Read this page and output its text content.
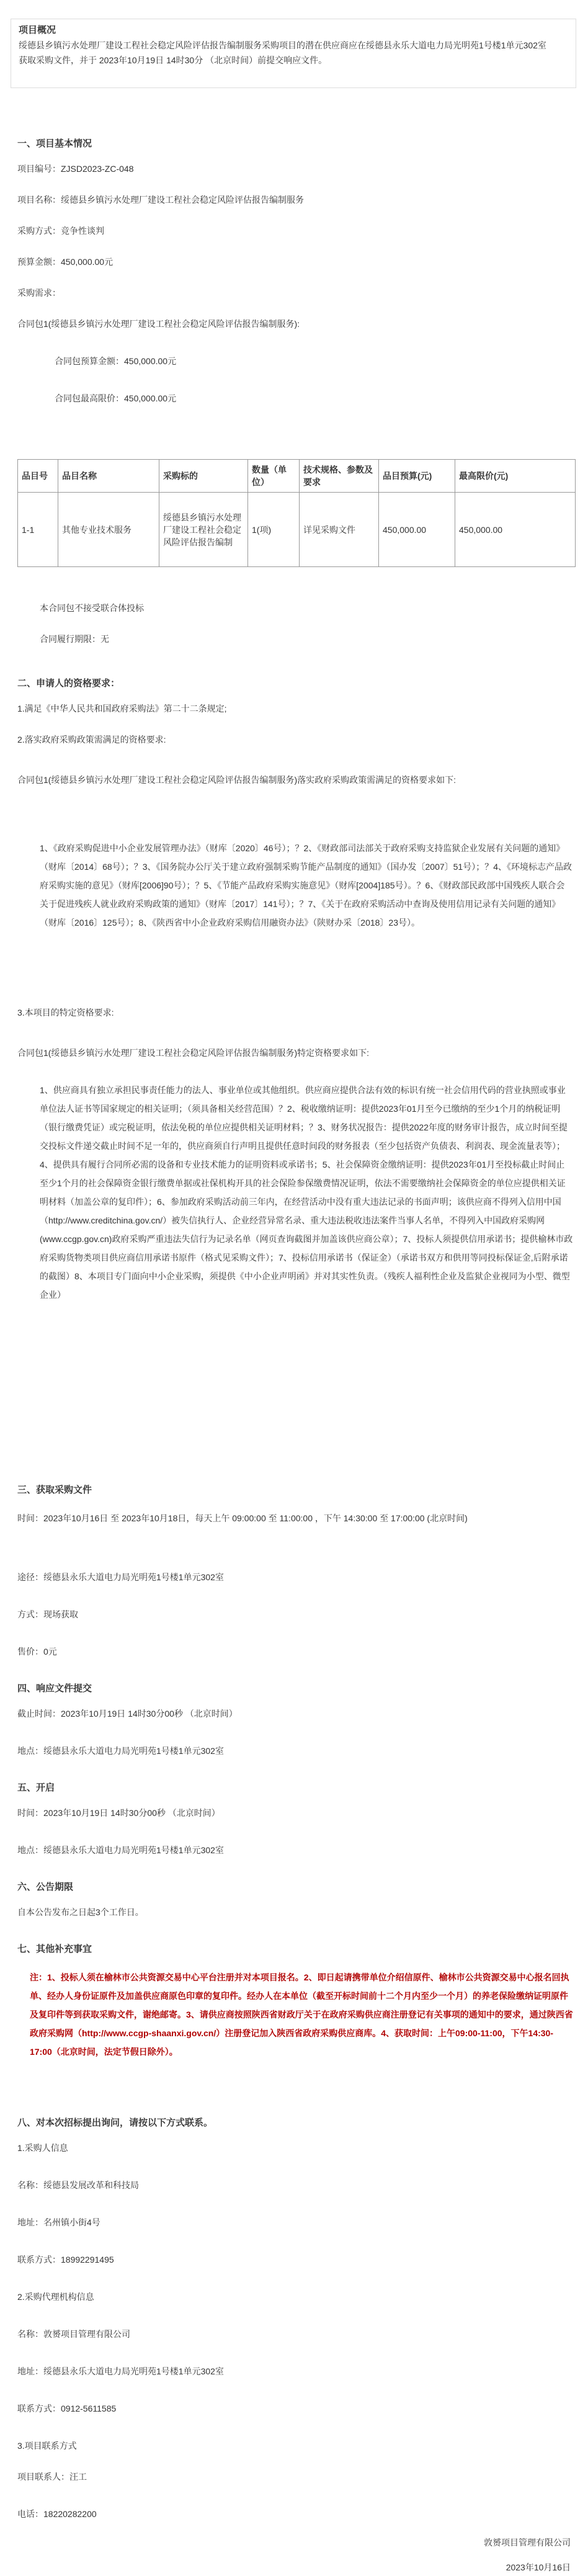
项目概况
绥德县乡镇污水处理厂建设工程社会稳定风险评估报告编制服务采购项目的潜在供应商应在绥德县永乐大道电力局光明苑1号楼1单元302室
获取采购文件，并于 2023年10月19日 14时30分 （北京时间）前提交响应文件。
一、项目基本情况
项目编号：ZJSD2023-ZC-048
项目名称：绥德县乡镇污水处理厂建设工程社会稳定风险评估报告编制服务
采购方式：竞争性谈判
预算金额：450,000.00元
采购需求：
合同包1(绥德县乡镇污水处理厂建设工程社会稳定风险评估报告编制服务):
合同包预算金额：450,000.00元
合同包最高限价：450,000.00元
品目号	品目名称	采购标的	数量（单位）	技术规格、参数及要求	品目预算(元)	最高限价(元)
1-1	其他专业技术服务	绥德县乡镇污水处理厂建设工程社会稳定风险评估报告编制	1(项)	详见采购文件	450,000.00	450,000.00
本合同包不接受联合体投标
合同履行期限：无
二、申请人的资格要求：
1.满足《中华人民共和国政府采购法》第二十二条规定;
2.落实政府采购政策需满足的资格要求:
合同包1(绥德县乡镇污水处理厂建设工程社会稳定风险评估报告编制服务)落实政府采购政策需满足的资格要求如下:
1、《政府采购促进中小企业发展管理办法》（财库〔2020〕46号）；？2、《财政部司法部关于政府采购支持监狱企业发展有关问题的通知》（财库〔2014〕68号）；？3、《国务院办公厅关于建立政府强制采购节能产品制度的通知》（国办发〔2007〕51号）；？4、《环境标志产品政府采购实施的意见》（财库[2006]90号）；？5、《节能产品政府采购实施意见》（财库[2004]185号）。？6、《财政部民政部中国残疾人联合会关于促进残疾人就业政府采购政策的通知》（财库〔2017〕141号）；？7、《关于在政府采购活动中查询及使用信用记录有关问题的通知》（财库〔2016〕125号）；8、《陕西省中小企业政府采购信用融资办法》（陕财办采〔2018〕23号）。
3.本项目的特定资格要求:
合同包1(绥德县乡镇污水处理厂建设工程社会稳定风险评估报告编制服务)特定资格要求如下:
1、供应商具有独立承担民事责任能力的法人、事业单位或其他组织。供应商应提供合法有效的标识有统一社会信用代码的营业执照或事业单位法人证书等国家规定的相关证明；（须具备相关经营范围）？2、税收缴纳证明：提供2023年01月至今已缴纳的至少1个月的纳税证明（银行缴费凭证）或完税证明，依法免税的单位应提供相关证明材料；？3、财务状况报告：提供2022年度的财务审计报告，成立时间至提交投标文件递交截止时间不足一年的，供应商须自行声明且提供任意时间段的财务报表（至少包括资产负债表、利润表、现金流量表等）；4、提供具有履行合同所必需的设备和专业技术能力的证明资料或承诺书；5、社会保障资金缴纳证明：提供2023年01月至投标截止时间止至少1个月的社会保障资金银行缴费单据或社保机构开具的社会保险参保缴费情况证明，依法不需要缴纳社会保障资金的单位应提供相关证明材料（加盖公章的复印件）；6、参加政府采购活动前三年内，在经营活动中没有重大违法记录的书面声明；该供应商不得列入信用中国（http://www.creditchina.gov.cn/）被失信执行人、企业经营异常名录、重大违法税收违法案件当事人名单，不得列入中国政府采购网(www.ccgp.gov.cn)政府采购严重违法失信行为记录名单（网页查询截图并加盖该供应商公章）；7、投标人须提供信用承诺书；提供榆林市政府采购货物类项目供应商信用承诺书原件（格式见采购文件）；7、投标信用承诺书（保证金）（承诺书双方和供用等同投标保证金,后附承诺的截图）8、本项目专门面向中小企业采购，须提供《中小企业声明函》并对其实性负责。（残疾人福利性企业及监狱企业视同为小型、微型企业）
三、获取采购文件
时间：2023年10月16日 至 2023年10月18日，每天上午 09:00:00 至 11:00:00 ，下午 14:30:00 至 17:00:00 (北京时间)
途径：绥德县永乐大道电力局光明苑1号楼1单元302室
方式：现场获取
售价：0元
四、响应文件提交
截止时间：2023年10月19日 14时30分00秒 （北京时间）
地点：绥德县永乐大道电力局光明苑1号楼1单元302室
五、开启
时间：2023年10月19日 14时30分00秒 （北京时间）
地点：绥德县永乐大道电力局光明苑1号楼1单元302室
六、公告期限
自本公告发布之日起3个工作日。
七、其他补充事宜
注：1、投标人须在榆林市公共资源交易中心平台注册并对本项目报名。2、即日起请携带单位介绍信原件、榆林市公共资源交易中心报名回执单、经办人身份证原件及加盖供应商原色印章的复印件。经办人在本单位（截至开标时间前十二个月内至少一个月）的养老保险缴纳证明原件及复印件等到获取采购文件，谢绝邮寄。3、请供应商按照陕西省财政厅关于在政府采购供应商注册登记有关事项的通知中的要求，通过陕西省政府采购网（http://www.ccgp-shaanxi.gov.cn/）注册登记加入陕西省政府采购供应商库。4、获取时间：上午09:00-11:00，下午14:30-17:00（北京时间，法定节假日除外）。
八、对本次招标提出询问，请按以下方式联系。
1.采购人信息
名称：绥德县发展改革和科技局
地址：名州镇小街4号
联系方式：18992291495
2.采购代理机构信息
名称：敦赟项目管理有限公司
地址：绥德县永乐大道电力局光明苑1号楼1单元302室
联系方式：0912-5611585
3.项目联系方式
项目联系人：汪工
电话：18220282200
敦赟项目管理有限公司
2023年10月16日
